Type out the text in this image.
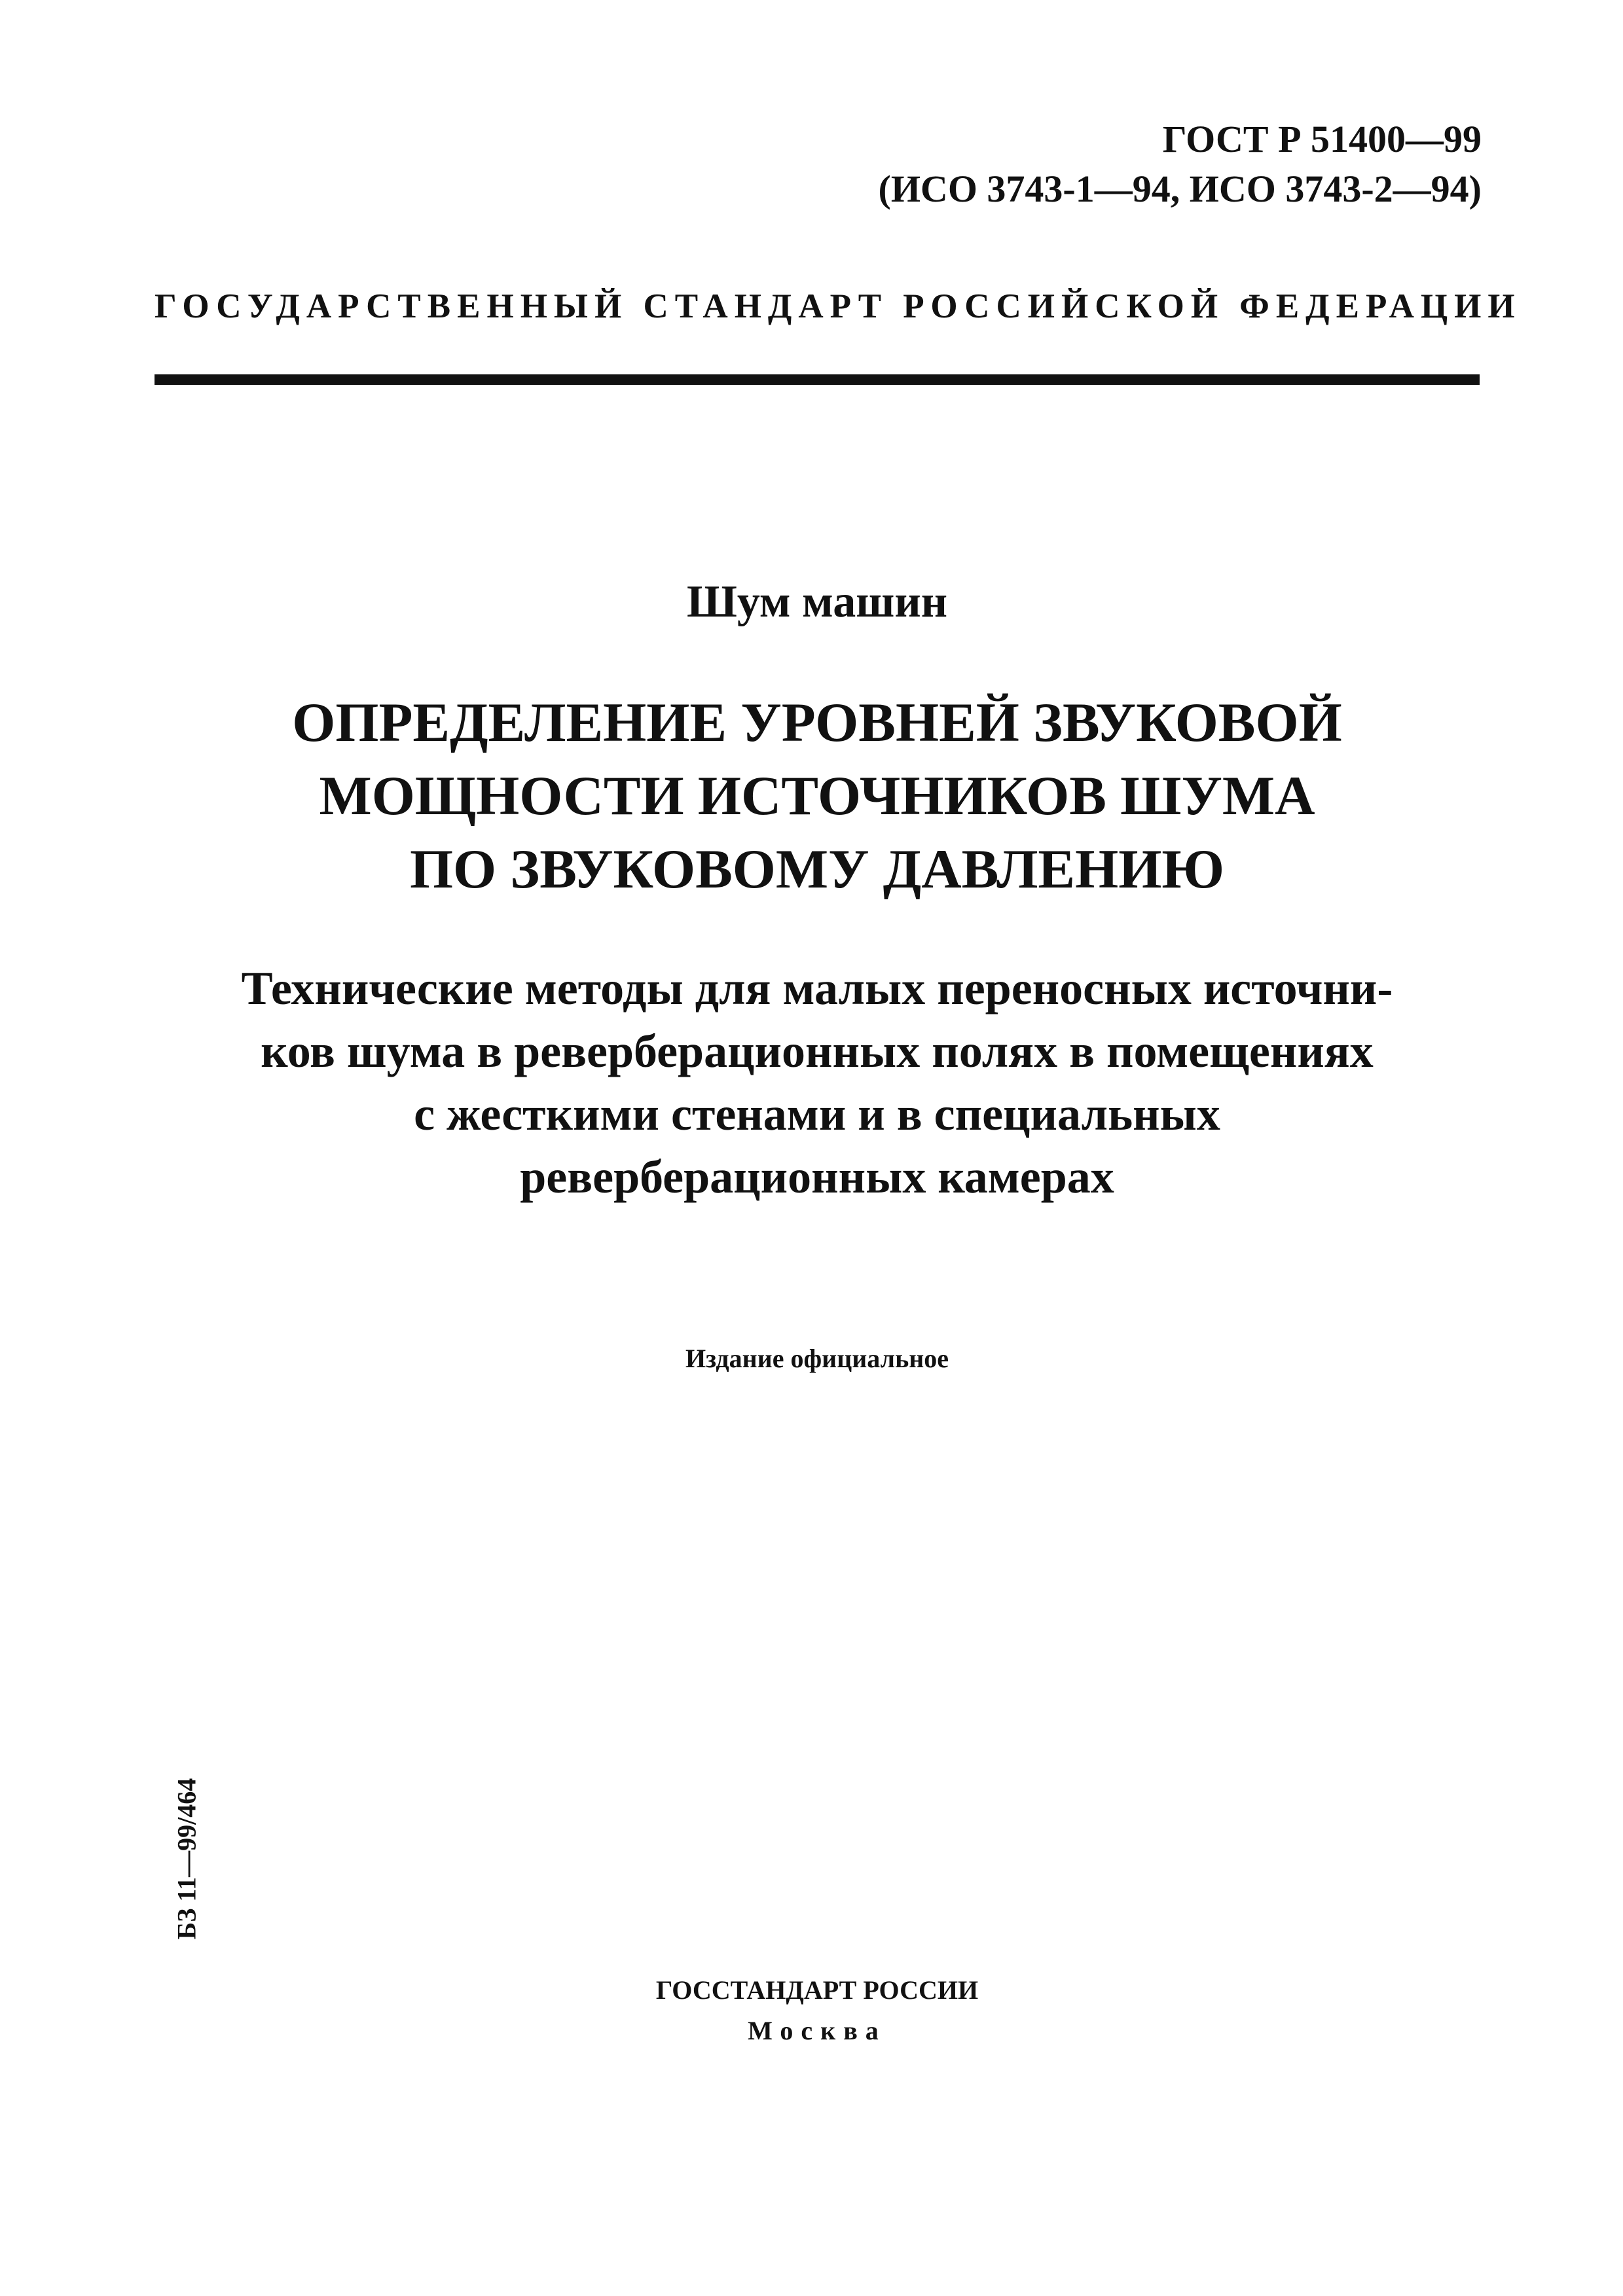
ГОСТ Р 51400—99
(ИСО 3743-1—94, ИСО 3743-2—94)
ГОСУДАРСТВЕННЫЙ СТАНДАРТ РОССИЙСКОЙ ФЕДЕРАЦИИ
Шум машин
ОПРЕДЕЛЕНИЕ УРОВНЕЙ ЗВУКОВОЙ
МОЩНОСТИ ИСТОЧНИКОВ ШУМА
ПО ЗВУКОВОМУ ДАВЛЕНИЮ
Технические методы для малых переносных источни-
ков шума в реверберационных полях в помещениях
с жесткими стенами и в специальных
реверберационных камерах
Издание официальное
БЗ 11—99/464
ГОССТАНДАРТ РОССИИ
Москва
